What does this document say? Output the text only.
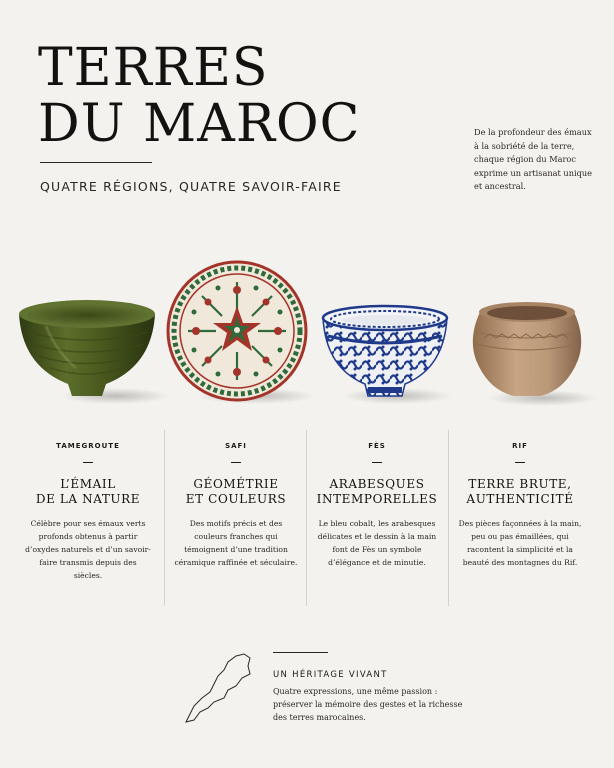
TERRES
DU MAROC
QUATRE RÉGIONS, QUATRE SAVOIR-FAIRE
De la profondeur des émaux à la sobriété de la terre, chaque région du Maroc exprime un artisanat unique et ancestral.
TAMEGROUTE
L’ÉMAIL
DE LA NATURE
Célèbre pour ses émaux verts profonds obtenus à partir d’oxydes naturels et d’un savoir-faire transmis depuis des siècles.
SAFI
GÉOMÉTRIE
ET COULEURS
Des motifs précis et des couleurs franches qui témoignent d’une tradition céramique raffinée et séculaire.
FÈS
ARABESQUES
INTEMPORELLES
Le bleu cobalt, les arabesques délicates et le dessin à la main font de Fès un symbole d’élégance et de minutie.
RIF
TERRE BRUTE,
AUTHENTICITÉ
Des pièces façonnées à la main, peu ou pas émaillées, qui racontent la simplicité et la beauté des montagnes du Rif.
UN HÉRITAGE VIVANT
Quatre expressions, une même passion : préserver la mémoire des gestes et la richesse des terres marocaines.
